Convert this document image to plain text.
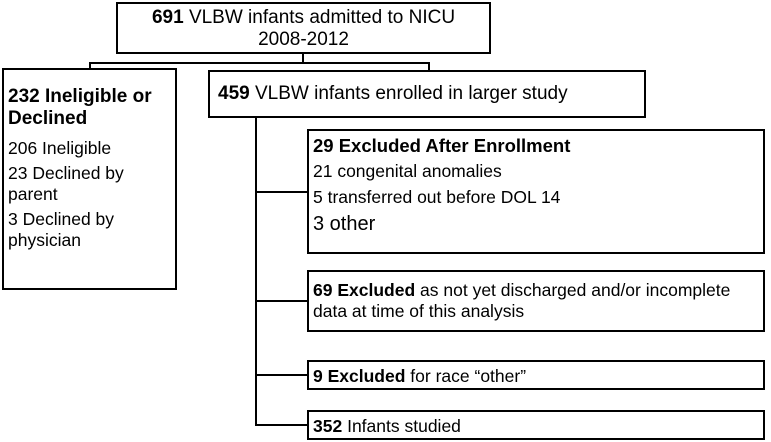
691 VLBW infants admitted to NICU 2008-2012
232 Ineligible or Declined
206 Ineligible
23 Declined by parent
3 Declined by physician
459 VLBW infants enrolled in larger study
29 Excluded After Enrollment
21 congenital anomalies
5 transferred out before DOL 14
3 other
69 Excluded as not yet discharged and/or incomplete data at time of this analysis
9 Excluded for race “other”
352 Infants studied
